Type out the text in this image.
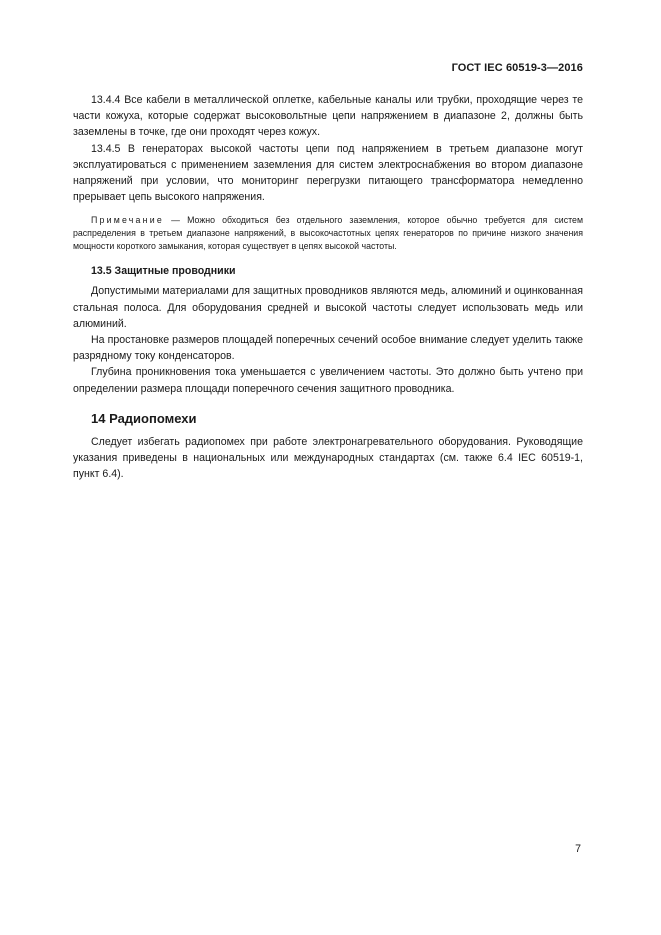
ГОСТ IEC 60519-3—2016

13.4.4 Все кабели в металлической оплетке, кабельные каналы или трубки, проходящие через те части кожуха, которые содержат высоковольтные цепи напряжением в диапазоне 2, должны быть заземлены в точке, где они проходят через кожух.

13.4.5 В генераторах высокой частоты цепи под напряжением в третьем диапазоне могут эксплуатироваться с применением заземления для систем электроснабжения во втором диапазоне напряжений при условии, что мониторинг перегрузки питающего трансформатора немедленно прерывает цепь высокого напряжения.

Примечание — Можно обходиться без отдельного заземления, которое обычно требуется для систем распределения в третьем диапазоне напряжений, в высокочастотных цепях генераторов по причине низкого значения мощности короткого замыкания, которая существует в цепях высокой частоты.

13.5 Защитные проводники

Допустимыми материалами для защитных проводников являются медь, алюминий и оцинкованная стальная полоса. Для оборудования средней и высокой частоты следует использовать медь или алюминий.

На простановке размеров площадей поперечных сечений особое внимание следует уделить также разрядному току конденсаторов.

Глубина проникновения тока уменьшается с увеличением частоты. Это должно быть учтено при определении размера площади поперечного сечения защитного проводника.

14 Радиопомехи

Следует избегать радиопомех при работе электронагревательного оборудования. Руководящие указания приведены в национальных или международных стандартах (см. также 6.4 IEC 60519-1, пункт 6.4).

7
